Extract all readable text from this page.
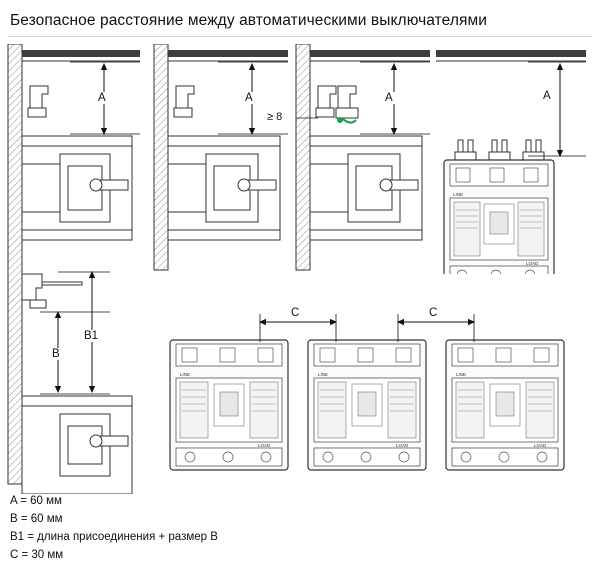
Безопасное расстояние между автоматическими выключателями
A
B
B1
A	A
≥ 8
LINE
LOAD
A
LINE
LOAD
LINE
LOAD
LINE
LOAD
C	C
A = 60 мм
B = 60 мм
B1 = длина присоединения + размер B
C = 30 мм
